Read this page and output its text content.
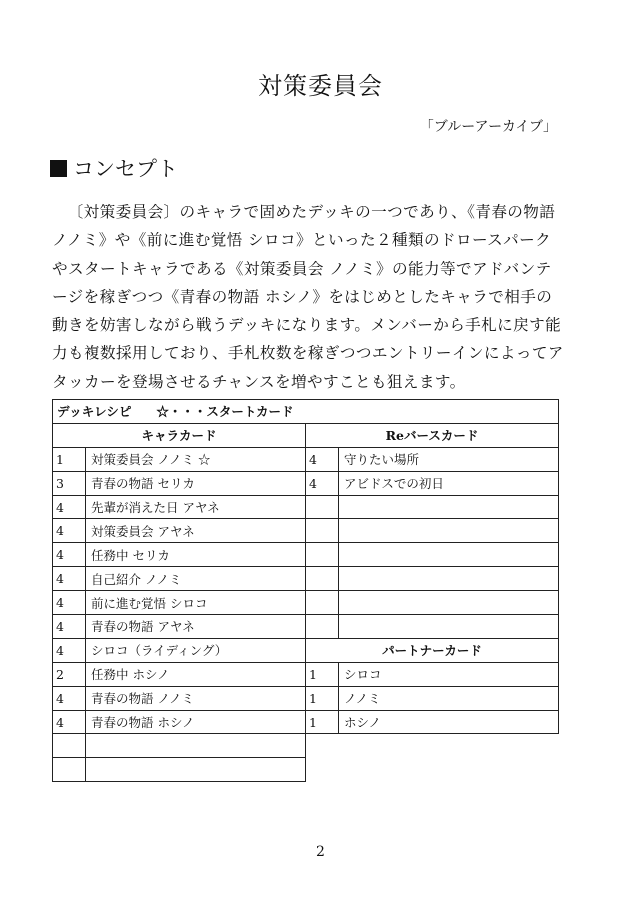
対策委員会
「ブルーアーカイブ」
コンセプト

〔対策委員会〕のキャラで固めたデッキの一つであり、《青春の物語 ノノミ》や《前に進む覚悟 シロコ》といった２種類のドロースパークやスタートキャラである《対策委員会 ノノミ》の能力等でアドバンテージを稼ぎつつ《青春の物語 ホシノ》をはじめとしたキャラで相手の動きを妨害しながら戦うデッキになります。メンバーから手札に戻す能力も複数採用しており、手札枚数を稼ぎつつエントリーインによってアタッカーを登場させるチャンスを増やすことも狙えます。

デッキレシピ　　☆・・・スタートカード			
キャラカード		Reバースカード	
1	対策委員会 ノノミ ☆	4	守りたい場所
3	青春の物語 セリカ	4	アビドスでの初日
4	先輩が消えた日 アヤネ		
4	対策委員会 アヤネ		
4	任務中 セリカ		
4	自己紹介 ノノミ		
4	前に進む覚悟 シロコ		
4	青春の物語 アヤネ		
4	シロコ（ライディング）	パートナーカード	
2	任務中 ホシノ	1	シロコ
4	青春の物語 ノノミ	1	ノノミ
4	青春の物語 ホシノ	1	ホシノ

2
